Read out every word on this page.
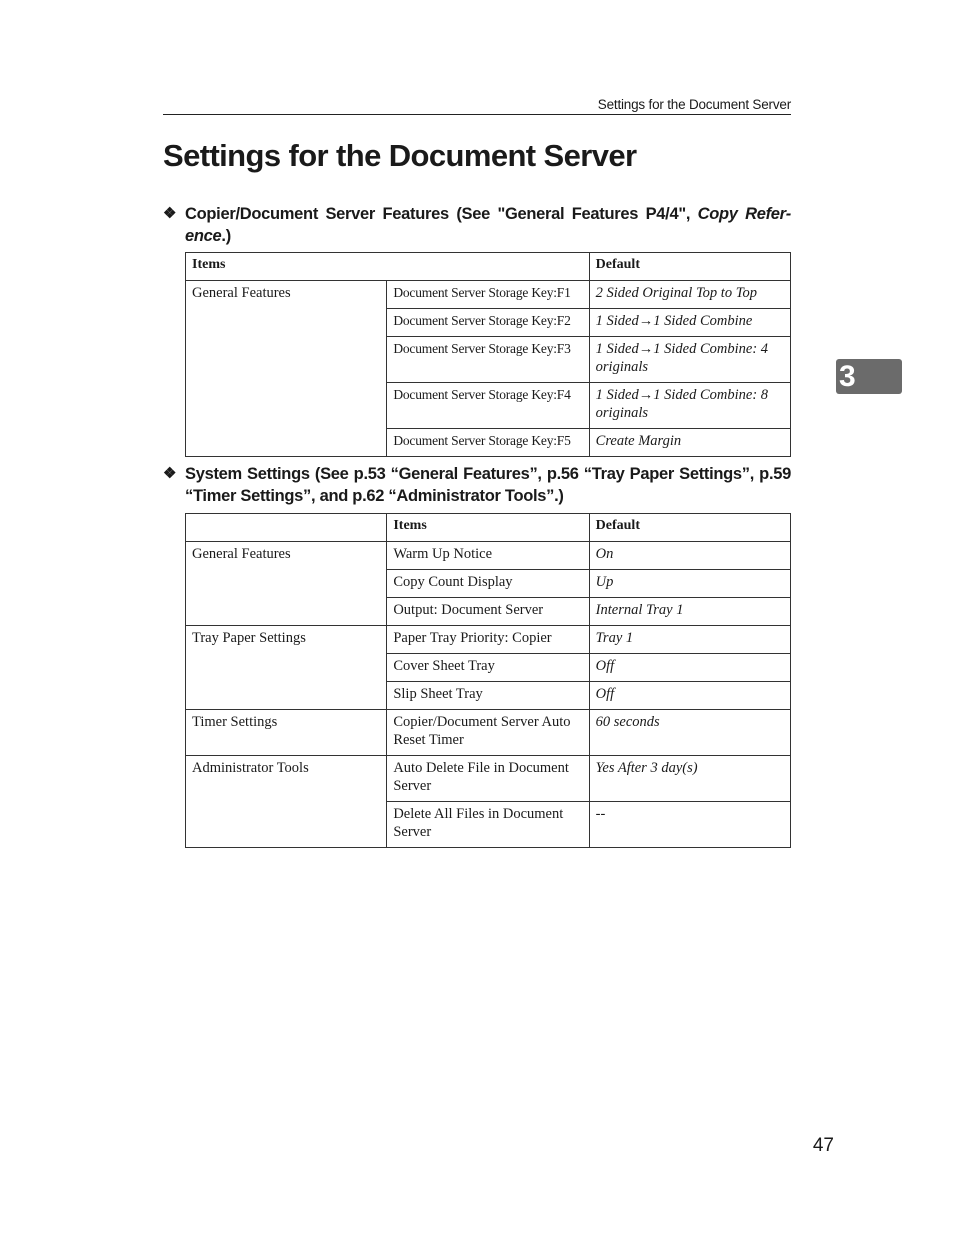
Settings for the Document Server
Settings for the Document Server
3
❖ Copier/Document Server Features (See "General Features P4/4", Copy Refer-
ence.)
Items		Default
General Features	Document Server Storage Key:F1	2 Sided Original Top to Top
	Document Server Storage Key:F2	1 Sided→1 Sided Combine
	Document Server Storage Key:F3	1 Sided→1 Sided Combine: 4 originals
	Document Server Storage Key:F4	1 Sided→1 Sided Combine: 8 originals
	Document Server Storage Key:F5	Create Margin
❖ System Settings (See p.53 “General Features”, p.56 “Tray Paper Settings”, p.59
“Timer Settings”, and p.62 “Administrator Tools”.)
	Items	Default
General Features	Warm Up Notice	On
	Copy Count Display	Up
	Output: Document Server	Internal Tray 1
Tray Paper Settings	Paper Tray Priority: Copier	Tray 1
	Cover Sheet Tray	Off
	Slip Sheet Tray	Off
Timer Settings	Copier/Document Server Auto Reset Timer	60 seconds
Administrator Tools	Auto Delete File in Document Server	Yes After 3 day(s)
	Delete All Files in Document Server	--
47
